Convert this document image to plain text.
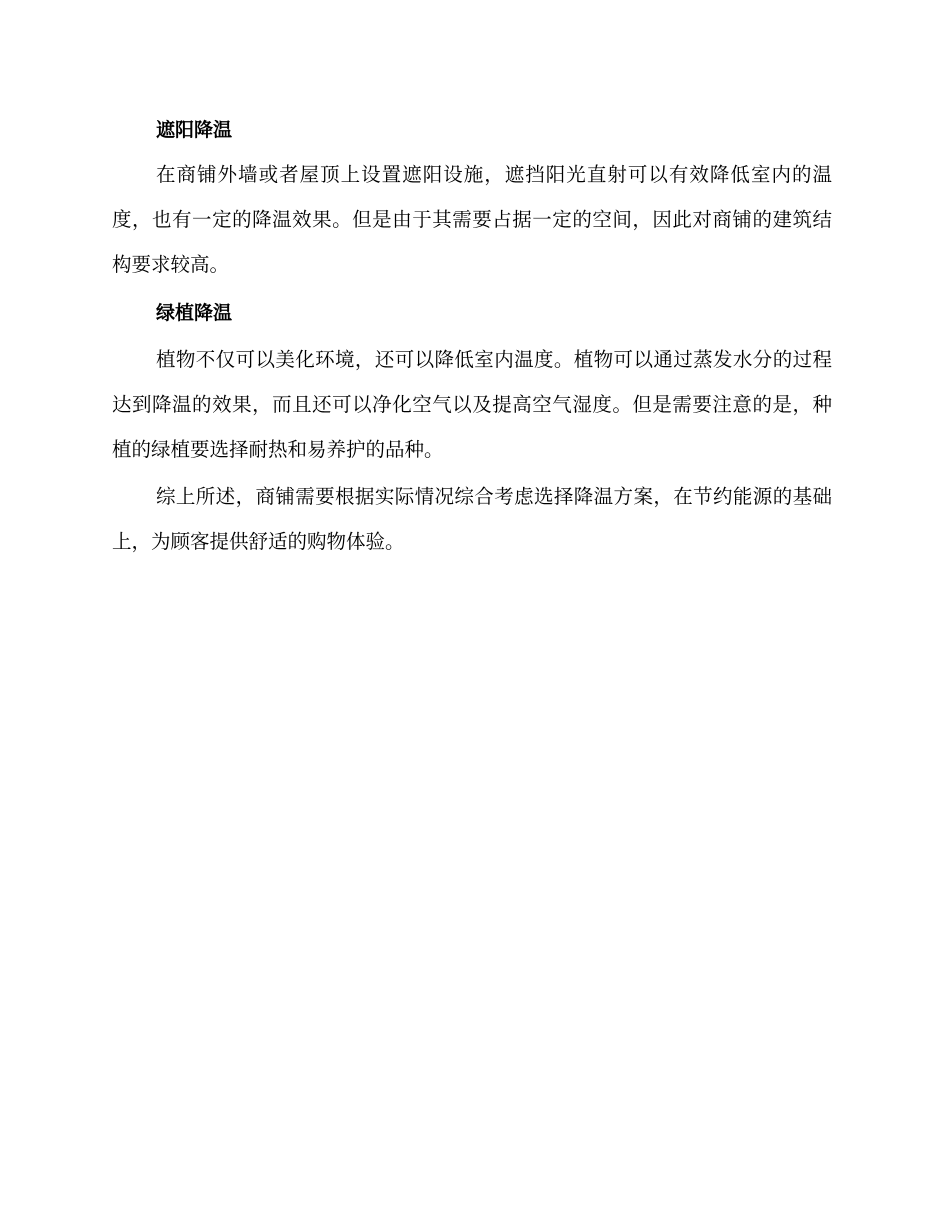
遮阳降温

在商铺外墙或者屋顶上设置遮阳设施，遮挡阳光直射可以有效降低室内的温度，也有一定的降温效果。但是由于其需要占据一定的空间，因此对商铺的建筑结构要求较高。

绿植降温

植物不仅可以美化环境，还可以降低室内温度。植物可以通过蒸发水分的过程达到降温的效果，而且还可以净化空气以及提高空气湿度。但是需要注意的是，种植的绿植要选择耐热和易养护的品种。

综上所述，商铺需要根据实际情况综合考虑选择降温方案，在节约能源的基础上，为顾客提供舒适的购物体验。
